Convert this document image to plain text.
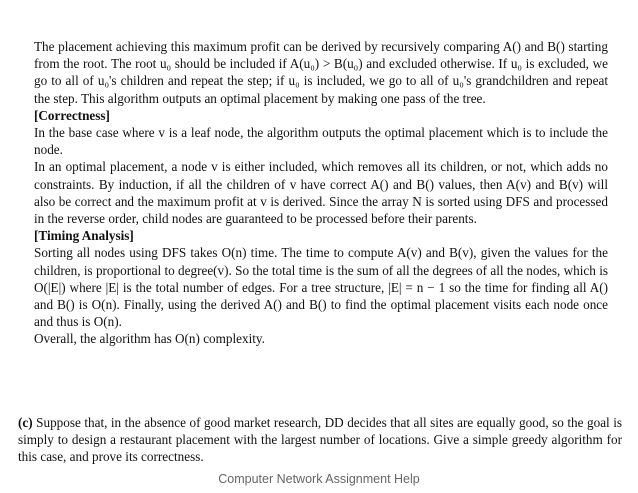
The placement achieving this maximum profit can be derived by recursively comparing A() and B() starting from the root. The root u₀ should be included if A(u₀) > B(u₀) and excluded otherwise. If u₀ is excluded, we go to all of u₀'s children and repeat the step; if u₀ is included, we go to all of u₀'s grandchildren and repeat the step. This algorithm outputs an optimal placement by making one pass of the tree.

[Correctness]

In the base case where v is a leaf node, the algorithm outputs the optimal placement which is to include the node.

In an optimal placement, a node v is either included, which removes all its children, or not, which adds no constraints. By induction, if all the children of v have correct A() and B() values, then A(v) and B(v) will also be correct and the maximum profit at v is derived. Since the array N is sorted using DFS and processed in the reverse order, child nodes are guaranteed to be processed before their parents.

[Timing Analysis]

Sorting all nodes using DFS takes O(n) time. The time to compute A(v) and B(v), given the values for the children, is proportional to degree(v). So the total time is the sum of all the degrees of all the nodes, which is O(|E|) where |E| is the total number of edges. For a tree structure, |E| = n − 1 so the time for finding all A() and B() is O(n). Finally, using the derived A() and B() to find the optimal placement visits each node once and thus is O(n).

Overall, the algorithm has O(n) complexity.

(c) Suppose that, in the absence of good market research, DD decides that all sites are equally good, so the goal is simply to design a restaurant placement with the largest number of locations. Give a simple greedy algorithm for this case, and prove its correctness.

Computer Network Assignment Help
